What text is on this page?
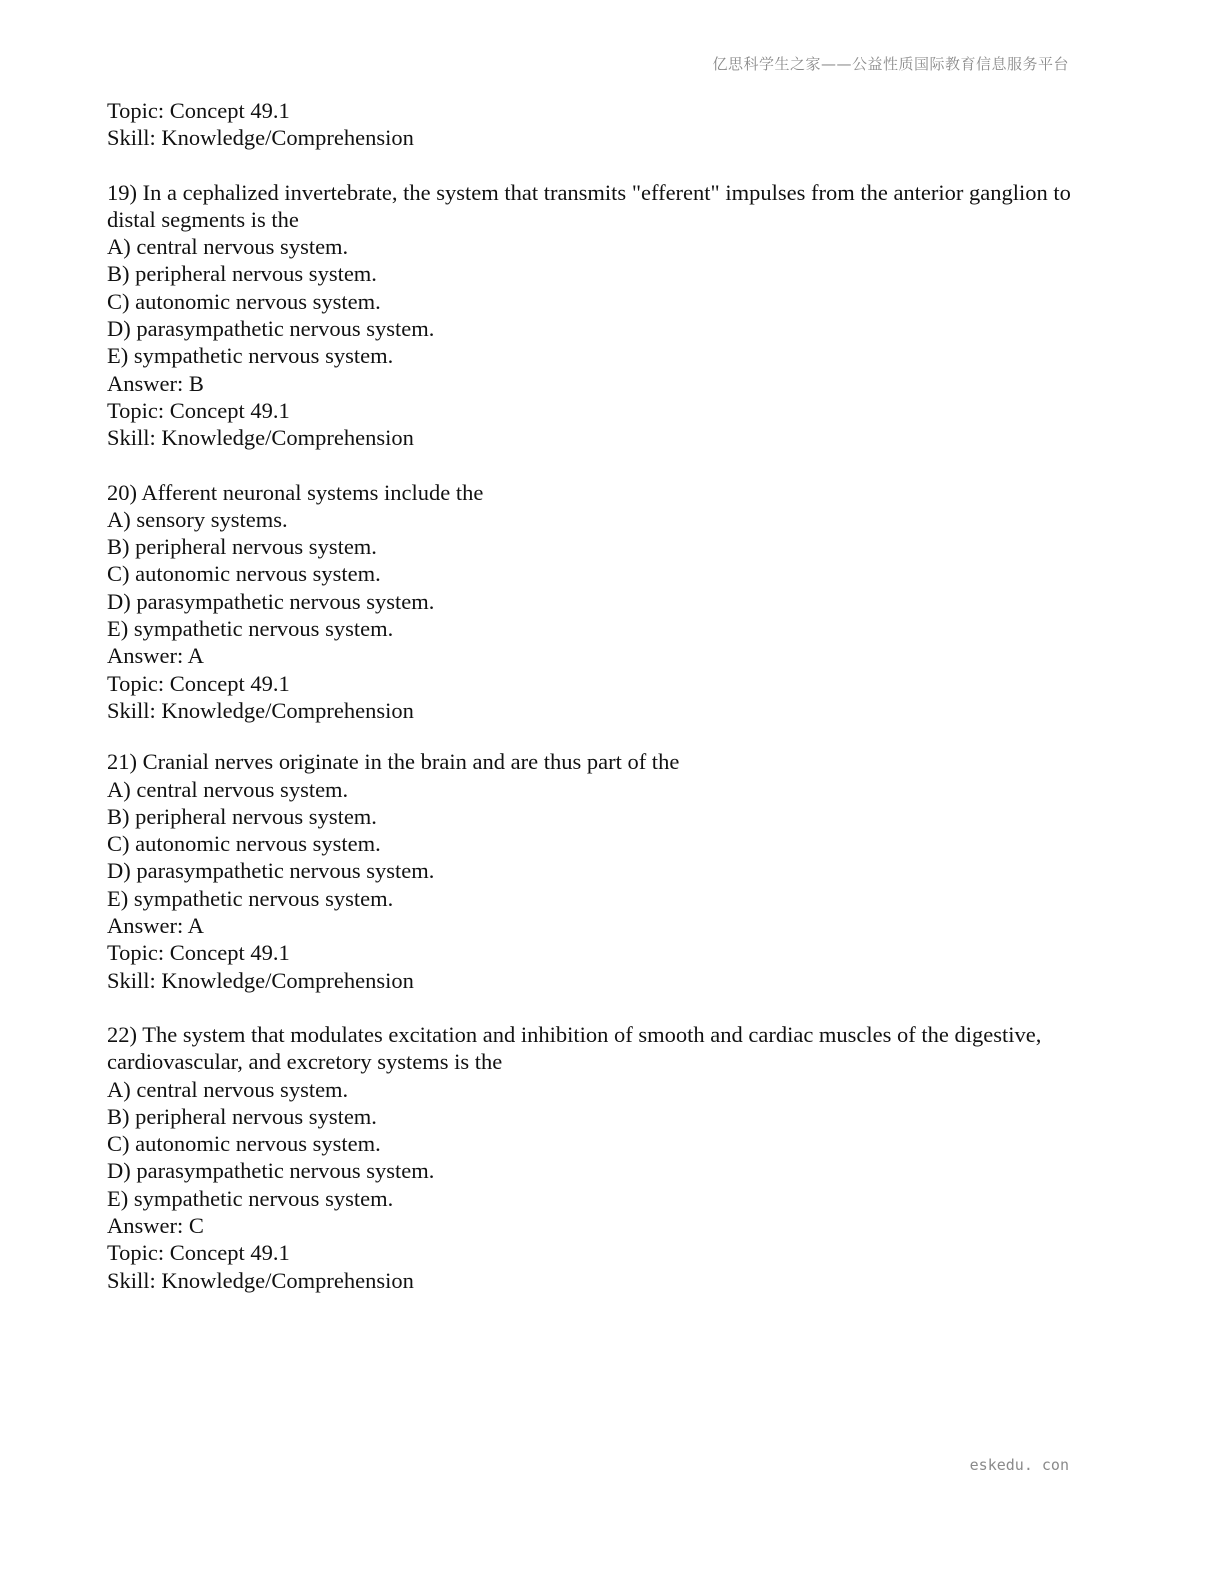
亿思科学生之家——公益性质国际教育信息服务平台
Topic: Concept 49.1
Skill: Knowledge/Comprehension
19) In a cephalized invertebrate, the system that transmits "efferent" impulses from the anterior ganglion to distal segments is the
A) central nervous system.
B) peripheral nervous system.
C) autonomic nervous system.
D) parasympathetic nervous system.
E) sympathetic nervous system.
Answer: B
Topic: Concept 49.1
Skill: Knowledge/Comprehension
20) Afferent neuronal systems include the
A) sensory systems.
B) peripheral nervous system.
C) autonomic nervous system.
D) parasympathetic nervous system.
E) sympathetic nervous system.
Answer: A
Topic: Concept 49.1
Skill: Knowledge/Comprehension
21) Cranial nerves originate in the brain and are thus part of the
A) central nervous system.
B) peripheral nervous system.
C) autonomic nervous system.
D) parasympathetic nervous system.
E) sympathetic nervous system.
Answer: A
Topic: Concept 49.1
Skill: Knowledge/Comprehension
22) The system that modulates excitation and inhibition of smooth and cardiac muscles of the digestive, cardiovascular, and excretory systems is the
A) central nervous system.
B) peripheral nervous system.
C) autonomic nervous system.
D) parasympathetic nervous system.
E) sympathetic nervous system.
Answer: C
Topic: Concept 49.1
Skill: Knowledge/Comprehension
eskedu. con
